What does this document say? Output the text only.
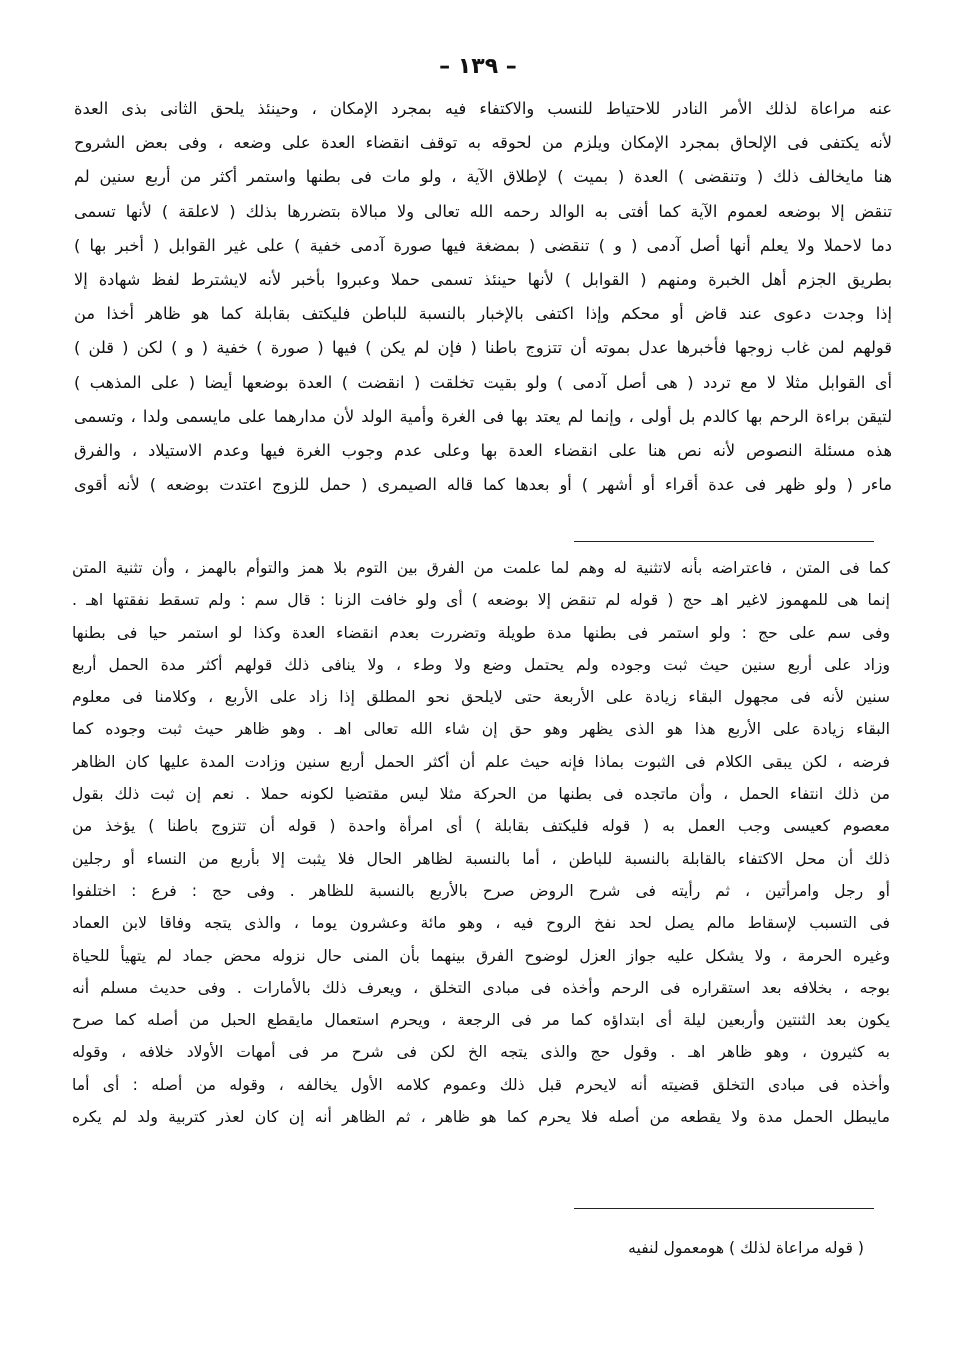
– ١٣٩ –
عنه مراعاة لذلك الأمر النادر للاحتياط للنسب والاكتفاء فيه بمجرد الإمكان ، وحينئذ يلحق الثانى بذى العدة
لأنه يكتفى فى الإلحاق بمجرد الإمكان ويلزم من لحوقه به توقف انقضاء العدة على وضعه ، وفى بعض الشروح
هنا مايخالف ذلك ( وتنقضى ) العدة ( بميت ) لإطلاق الآية ، ولو مات فى بطنها واستمر أكثر من أربع سنين لم
تنقض إلا بوضعه لعموم الآية كما أفتى به الوالد رحمه الله تعالى ولا مبالاة بتضررها بذلك ( لاعلقة ) لأنها تسمى
دما لاحملا ولا يعلم أنها أصل آدمى ( و ) تنقضى ( بمضغة فيها صورة آدمى خفية ) على غير القوابل ( أخبر بها )
بطريق الجزم أهل الخبرة ومنهم ( القوابل ) لأنها حينئذ تسمى حملا وعبروا بأخبر لأنه لايشترط لفظ شهادة إلا
إذا وجدت دعوى عند قاض أو محكم وإذا اكتفى بالإخبار بالنسبة للباطن فليكتف بقابلة كما هو ظاهر أخذا من
قولهم لمن غاب زوجها فأخبرها عدل بموته أن تتزوج باطنا ( فإن لم يكن ) فيها ( صورة ) خفية ( و ) لكن ( قلن )
أى القوابل مثلا لا مع تردد ( هى أصل آدمى ) ولو بقيت تخلقت ( انقضت ) العدة بوضعها أيضا ( على المذهب )
لتيقن براءة الرحم بها كالدم بل أولى ، وإنما لم يعتد بها فى الغرة وأمية الولد لأن مدارهما على مايسمى ولدا ، وتسمى
هذه مسئلة النصوص لأنه نص هنا على انقضاء العدة بها وعلى عدم وجوب الغرة فيها وعدم الاستيلاد ، والفرق
ماءر ( ولو ظهر فى عدة أقراء أو أشهر ) أو بعدها كما قاله الصيمرى ( حمل للزوج اعتدت بوضعه ) لأنه أقوى
كما فى المتن ، فاعتراضه بأنه لاتثنية له وهم لما علمت من الفرق بين التوم بلا همز والتوأم بالهمز ، وأن تثنية المتن
إنما هى للمهموز لاغير اهـ حج ( قوله لم تنقض إلا بوضعه ) أى ولو خافت الزنا : قال سم : ولم تسقط نفقتها اهـ .
وفى سم على حج : ولو استمر فى بطنها مدة طويلة وتضررت بعدم انقضاء العدة وكذا لو استمر حيا فى بطنها
وزاد على أربع سنين حيث ثبت وجوده ولم يحتمل وضع ولا وطء ، ولا ينافى ذلك قولهم أكثر مدة الحمل أربع
سنين لأنه فى مجهول البقاء زيادة على الأربعة حتى لايلحق نحو المطلق إذا زاد على الأربع ، وكلامنا فى معلوم
البقاء زيادة على الأربع هذا هو الذى يظهر وهو حق إن شاء الله تعالى اهـ . وهو ظاهر حيث ثبت وجوده كما
فرضه ، لكن يبقى الكلام فى الثبوت بماذا فإنه حيث علم أن أكثر الحمل أربع سنين وزادت المدة عليها كان الظاهر
من ذلك انتفاء الحمل ، وأن ماتجده فى بطنها من الحركة مثلا ليس مقتضيا لكونه حملا . نعم إن ثبت ذلك بقول
معصوم كعيسى وجب العمل به ( قوله فليكتف بقابلة ) أى امرأة واحدة ( قوله أن تتزوج باطنا ) يؤخذ من
ذلك أن محل الاكتفاء بالقابلة بالنسبة للباطن ، أما بالنسبة لظاهر الحال فلا يثبت إلا بأربع من النساء أو رجلين
أو رجل وامرأتين ، ثم رأيته فى شرح الروض صرح بالأربع بالنسبة للظاهر . وفى حج : فرع : اختلفوا
فى التسبب لإسقاط مالم يصل لحد نفخ الروح فيه ، وهو مائة وعشرون يوما ، والذى يتجه وفاقا لابن العماد
وغيره الحرمة ، ولا يشكل عليه جواز العزل لوضوح الفرق بينهما بأن المنى حال نزوله محض جماد لم يتهيأ للحياة
بوجه ، بخلافه بعد استقراره فى الرحم وأخذه فى مبادى التخلق ، ويعرف ذلك بالأمارات . وفى حديث مسلم أنه
يكون بعد الثنتين وأربعين ليلة أى ابتداؤه كما مر فى الرجعة ، ويحرم استعمال مايقطع الحبل من أصله كما صرح
به كثيرون ، وهو ظاهر اهـ . وقول حج والذى يتجه الخ لكن فى شرح مر فى أمهات الأولاد خلافه ، وقوله
وأخذه فى مبادى التخلق قضيته أنه لايحرم قبل ذلك وعموم كلامه الأول يخالفه ، وقوله من أصله : أى أما
مايبطل الحمل مدة ولا يقطعه من أصله فلا يحرم كما هو ظاهر ، ثم الظاهر أنه إن كان لعذر كتربية ولد لم يكره
( قوله مراعاة لذلك ) هومعمول لنفيه
